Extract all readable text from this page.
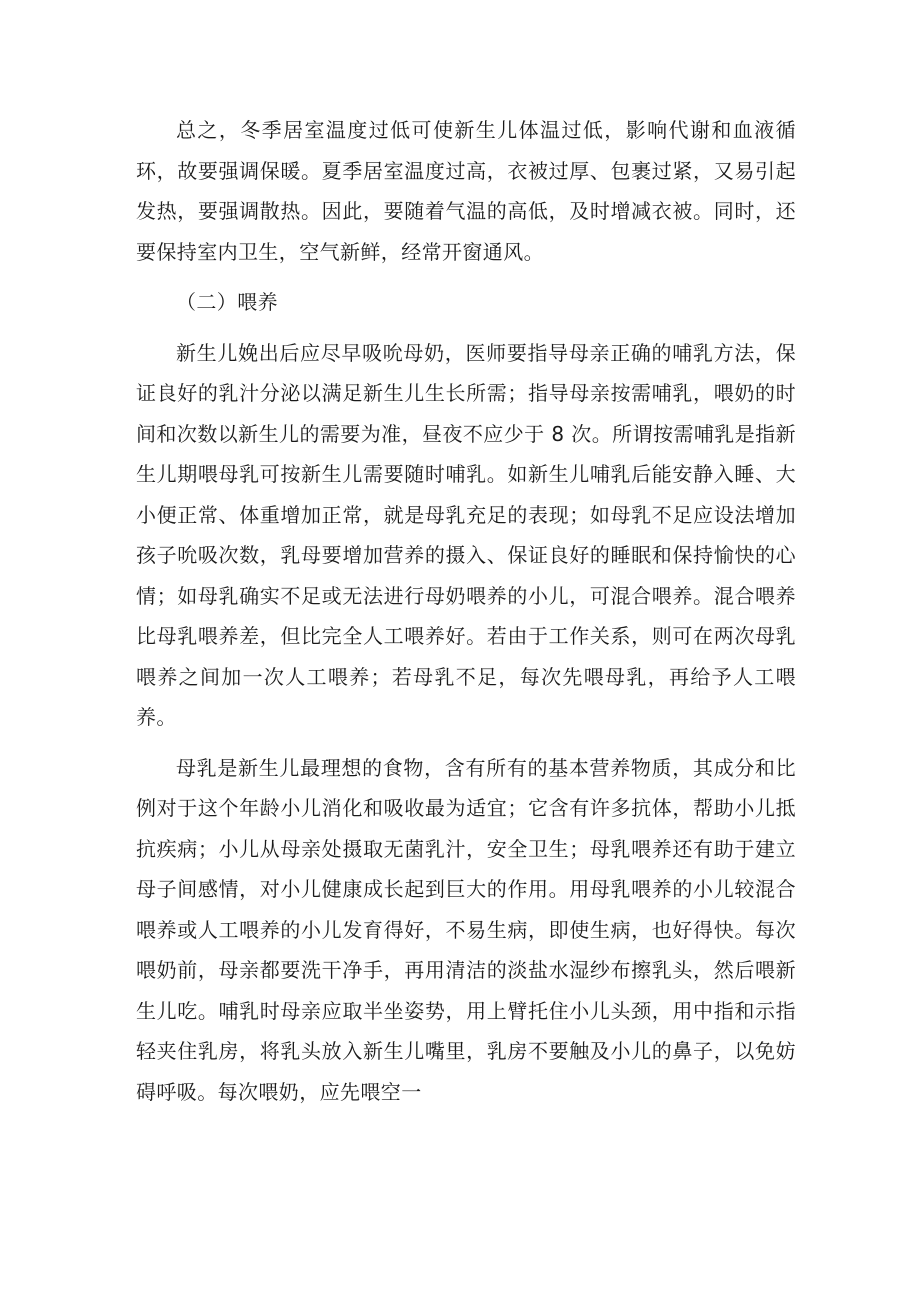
总之，冬季居室温度过低可使新生儿体温过低，影响代谢和血液循环，故要强调保暖。夏季居室温度过高，衣被过厚、包裹过紧，又易引起发热，要强调散热。因此，要随着气温的高低，及时增减衣被。同时，还要保持室内卫生，空气新鲜，经常开窗通风。

（二）喂养

新生儿娩出后应尽早吸吮母奶，医师要指导母亲正确的哺乳方法，保证良好的乳汁分泌以满足新生儿生长所需；指导母亲按需哺乳，喂奶的时间和次数以新生儿的需要为准，昼夜不应少于 8 次。所谓按需哺乳是指新生儿期喂母乳可按新生儿需要随时哺乳。如新生儿哺乳后能安静入睡、大小便正常、体重增加正常，就是母乳充足的表现；如母乳不足应设法增加孩子吮吸次数，乳母要增加营养的摄入、保证良好的睡眠和保持愉快的心情；如母乳确实不足或无法进行母奶喂养的小儿，可混合喂养。混合喂养比母乳喂养差，但比完全人工喂养好。若由于工作关系，则可在两次母乳喂养之间加一次人工喂养；若母乳不足，每次先喂母乳，再给予人工喂养。

母乳是新生儿最理想的食物，含有所有的基本营养物质，其成分和比例对于这个年龄小儿消化和吸收最为适宜；它含有许多抗体，帮助小儿抵抗疾病；小儿从母亲处摄取无菌乳汁，安全卫生；母乳喂养还有助于建立母子间感情，对小儿健康成长起到巨大的作用。用母乳喂养的小儿较混合喂养或人工喂养的小儿发育得好，不易生病，即使生病，也好得快。每次喂奶前，母亲都要洗干净手，再用清洁的淡盐水湿纱布擦乳头，然后喂新生儿吃。哺乳时母亲应取半坐姿势，用上臂托住小儿头颈，用中指和示指轻夹住乳房，将乳头放入新生儿嘴里，乳房不要触及小儿的鼻子，以免妨碍呼吸。每次喂奶，应先喂空一
